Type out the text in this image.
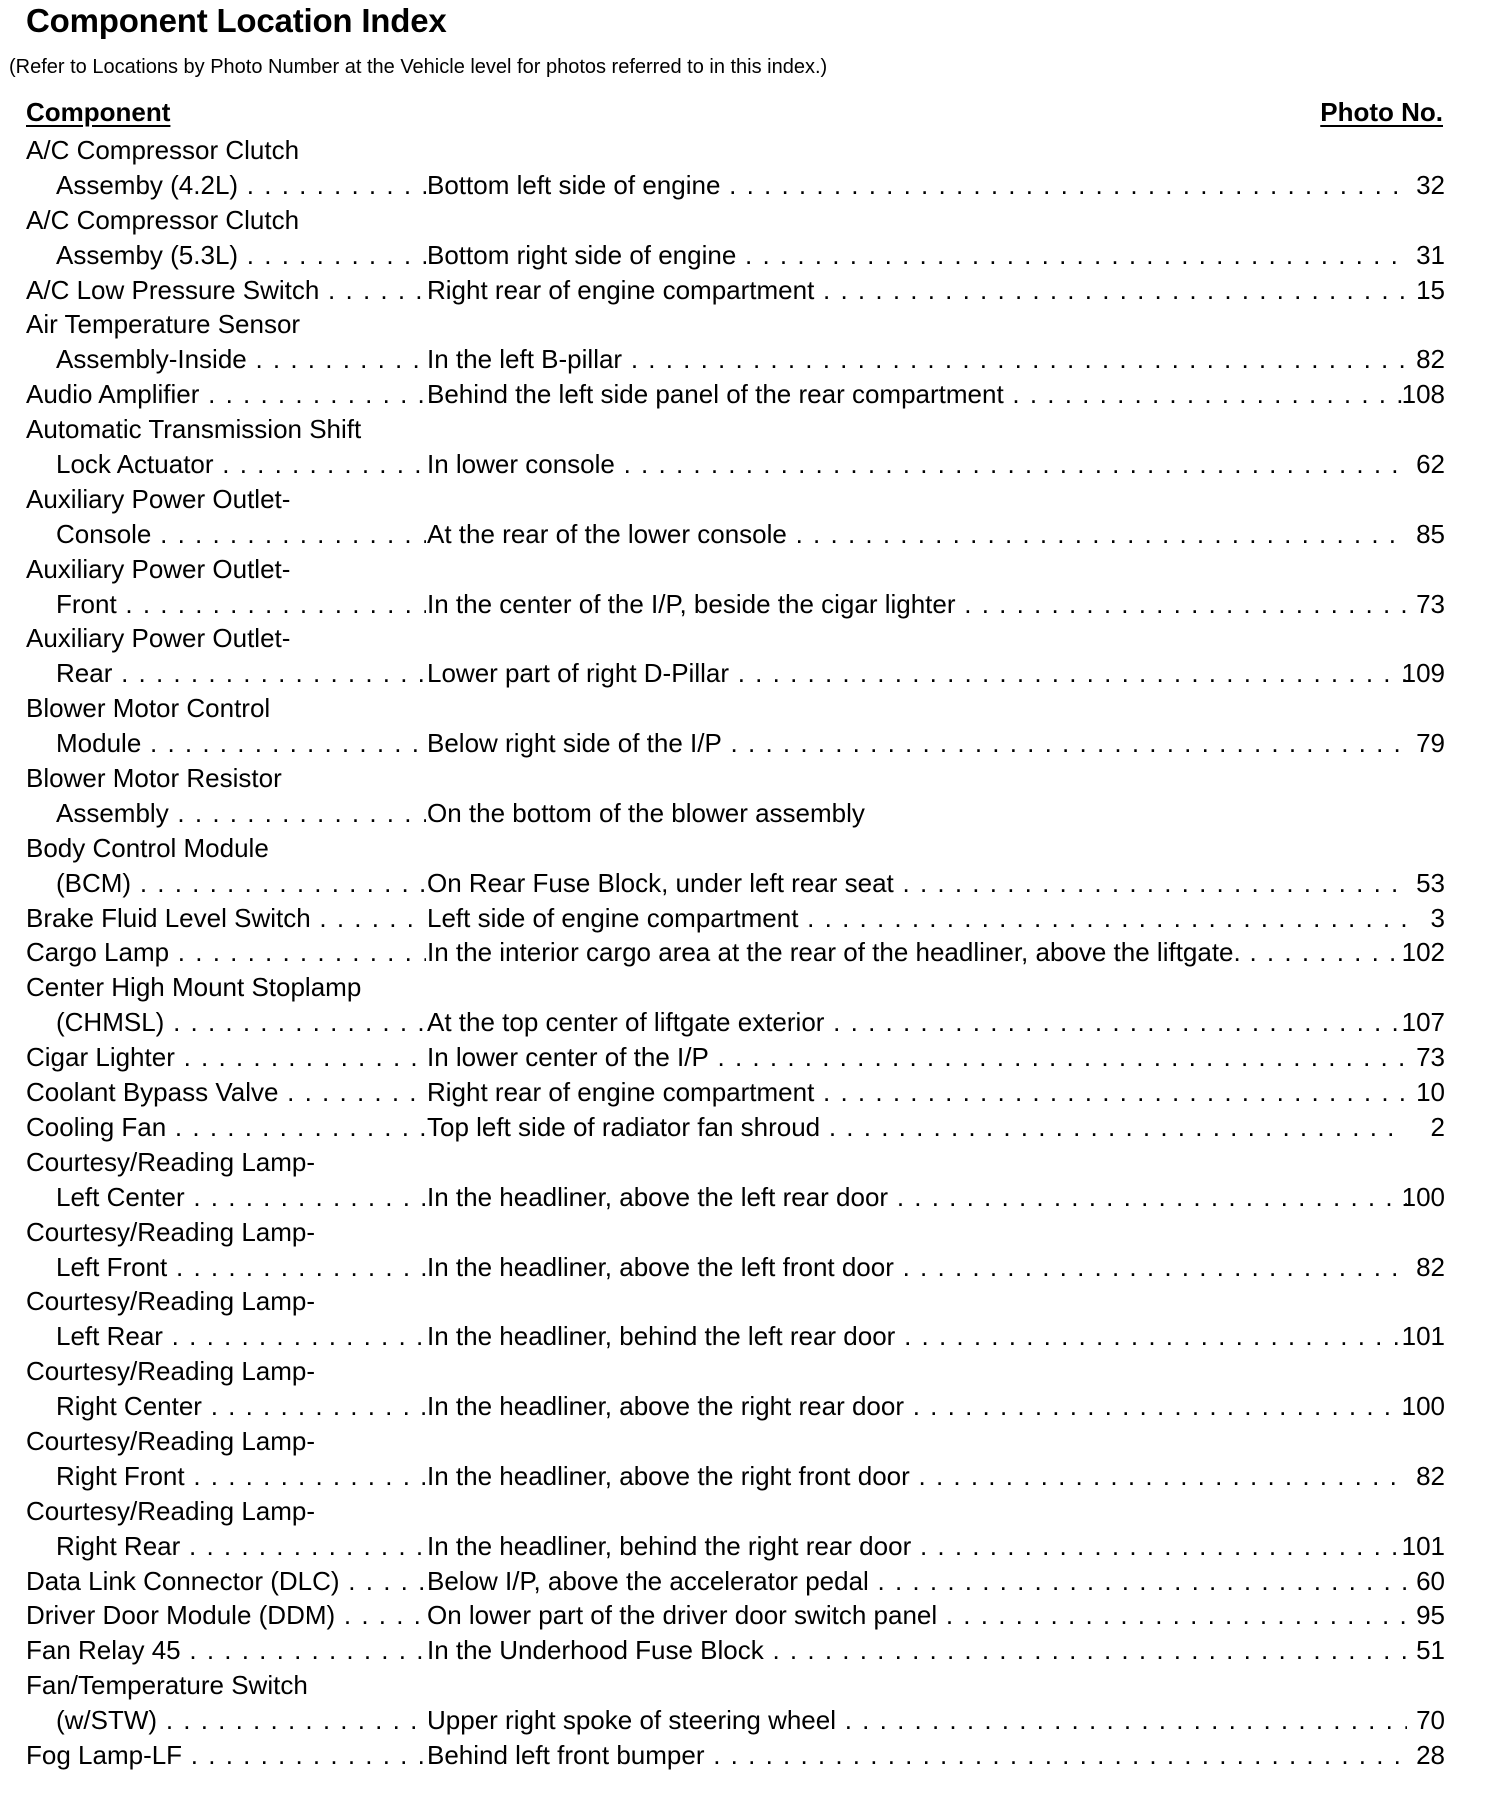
Component Location Index
(Refer to Locations by Photo Number at the Vehicle level for photos referred to in this index.)
Component	Photo No.
A/C Compressor Clutch
Assemby (4.2L) . . .	Bottom left side of engine . . .	32
A/C Compressor Clutch
Assemby (5.3L) . . .	Bottom right side of engine . . .	31
A/C Low Pressure Switch . . .	Right rear of engine compartment . . .	15
Air Temperature Sensor
Assembly-Inside . . .	In the left B-pillar . . .	82
Audio Amplifier . . .	Behind the left side panel of the rear compartment . . .	108
Automatic Transmission Shift
Lock Actuator . . .	In lower console . . .	62
Auxiliary Power Outlet-
Console . . .	At the rear of the lower console . . .	85
Auxiliary Power Outlet-
Front . . .	In the center of the I/P, beside the cigar lighter . . .	73
Auxiliary Power Outlet-
Rear . . .	Lower part of right D-Pillar . . .	109
Blower Motor Control
Module . . .	Below right side of the I/P . . .	79
Blower Motor Resistor
Assembly . . .	On the bottom of the blower assembly
Body Control Module
(BCM) . . .	On Rear Fuse Block, under left rear seat . . .	53
Brake Fluid Level Switch . . .	Left side of engine compartment . . .	3
Cargo Lamp . . .	In the interior cargo area at the rear of the headliner, above the liftgate. . . .	102
Center High Mount Stoplamp
(CHMSL) . . .	At the top center of liftgate exterior . . .	107
Cigar Lighter . . .	In lower center of the I/P . . .	73
Coolant Bypass Valve . . .	Right rear of engine compartment . . .	10
Cooling Fan . . .	Top left side of radiator fan shroud . . .	2
Courtesy/Reading Lamp-
Left Center . . .	In the headliner, above the left rear door . . .	100
Courtesy/Reading Lamp-
Left Front . . .	In the headliner, above the left front door . . .	82
Courtesy/Reading Lamp-
Left Rear . . .	In the headliner, behind the left rear door . . .	101
Courtesy/Reading Lamp-
Right Center . . .	In the headliner, above the right rear door . . .	100
Courtesy/Reading Lamp-
Right Front . . .	In the headliner, above the right front door . . .	82
Courtesy/Reading Lamp-
Right Rear . . .	In the headliner, behind the right rear door . . .	101
Data Link Connector (DLC) . . .	Below I/P, above the accelerator pedal . . .	60
Driver Door Module (DDM) . . .	On lower part of the driver door switch panel . . .	95
Fan Relay 45 . . .	In the Underhood Fuse Block . . .	51
Fan/Temperature Switch
(w/STW) . . .	Upper right spoke of steering wheel . . .	70
Fog Lamp-LF . . .	Behind left front bumper . . .	28
